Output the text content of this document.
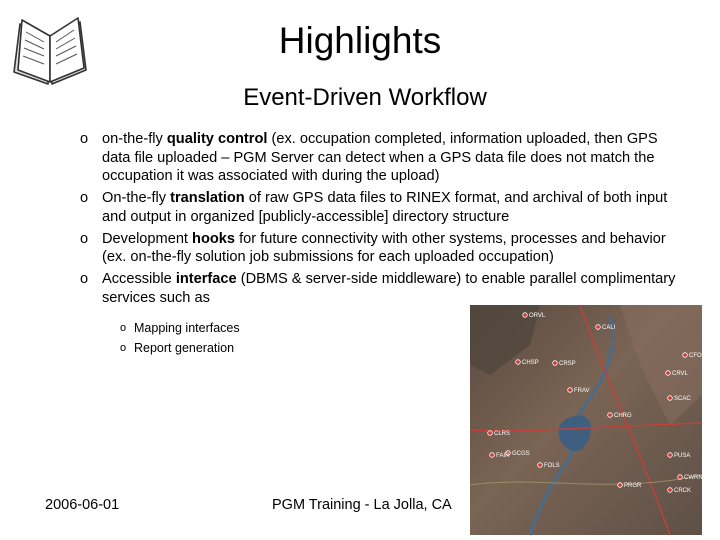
Highlights
Event-Driven Workflow
o on-the-fly quality control (ex. occupation completed, information uploaded, then GPS data file uploaded – PGM Server can detect when a GPS data file does not match the occupation it was associated with during the upload)
o On-the-fly translation of raw GPS data files to RINEX format, and archival of both input and output in organized [publicly-accessible] directory structure
o Development hooks for future connectivity with other systems, processes and behavior (ex. on-the-fly solution job submissions for each uploaded occupation)
o Accessible interface (DBMS & server-side middleware) to enable parallel complimentary services such as
o Mapping interfaces
o Report generation
ORVL
CALI
CHSP
CFOR
CRSP
CRVL
FRAV
SCAC
CHRG
CLRS
GCGS
FAIR
FOLS
PUSA
CWRN
PRGR
CRCK
2006-06-01	PGM Training - La Jolla, CA
